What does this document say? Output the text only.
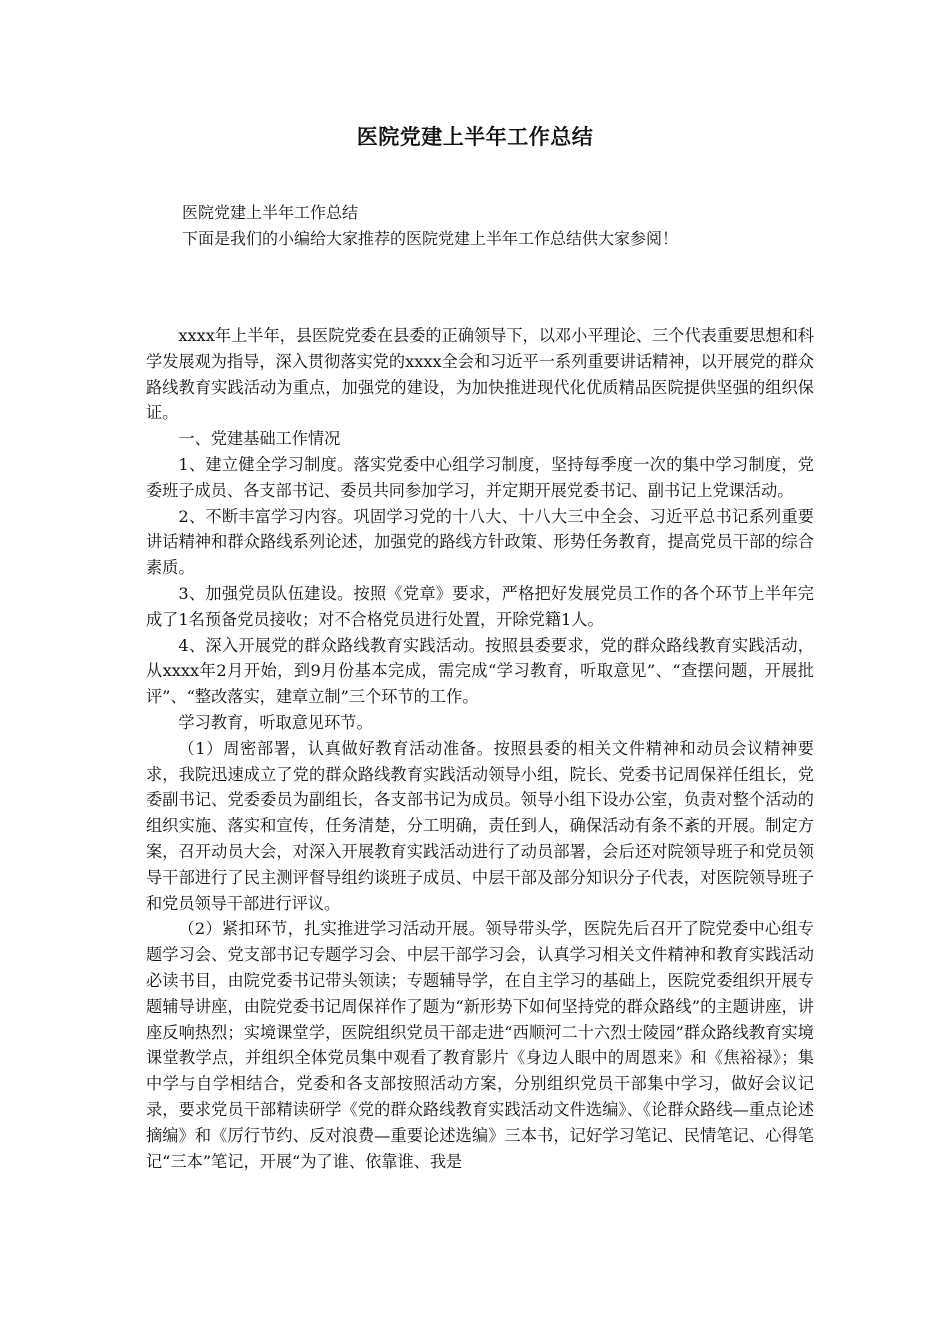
医院党建上半年工作总结

医院党建上半年工作总结

下面是我们的小编给大家推荐的医院党建上半年工作总结供大家参阅！

xxxx年上半年，县医院党委在县委的正确领导下，以邓小平理论、三个代表重要思想和科学发展观为指导，深入贯彻落实党的xxxx全会和习近平一系列重要讲话精神，以开展党的群众路线教育实践活动为重点，加强党的建设，为加快推进现代化优质精品医院提供坚强的组织保证。

一、党建基础工作情况

1、建立健全学习制度。落实党委中心组学习制度，坚持每季度一次的集中学习制度，党委班子成员、各支部书记、委员共同参加学习，并定期开展党委书记、副书记上党课活动。

2、不断丰富学习内容。巩固学习党的十八大、十八大三中全会、习近平总书记系列重要讲话精神和群众路线系列论述，加强党的路线方针政策、形势任务教育，提高党员干部的综合素质。

3、加强党员队伍建设。按照《党章》要求，严格把好发展党员工作的各个环节上半年完成了1名预备党员接收；对不合格党员进行处置，开除党籍1人。

4、深入开展党的群众路线教育实践活动。按照县委要求，党的群众路线教育实践活动，从xxxx年2月开始，到9月份基本完成，需完成“学习教育，听取意见”、“查摆问题，开展批评”、“整改落实，建章立制”三个环节的工作。

学习教育，听取意见环节。

（1）周密部署，认真做好教育活动准备。按照县委的相关文件精神和动员会议精神要求，我院迅速成立了党的群众路线教育实践活动领导小组，院长、党委书记周保祥任组长，党委副书记、党委委员为副组长，各支部书记为成员。领导小组下设办公室，负责对整个活动的组织实施、落实和宣传，任务清楚，分工明确，责任到人，确保活动有条不紊的开展。制定方案，召开动员大会，对深入开展教育实践活动进行了动员部署，会后还对院领导班子和党员领导干部进行了民主测评督导组约谈班子成员、中层干部及部分知识分子代表，对医院领导班子和党员领导干部进行评议。

（2）紧扣环节，扎实推进学习活动开展。领导带头学，医院先后召开了院党委中心组专题学习会、党支部书记专题学习会、中层干部学习会，认真学习相关文件精神和教育实践活动必读书目，由院党委书记带头领读；专题辅导学，在自主学习的基础上，医院党委组织开展专题辅导讲座，由院党委书记周保祥作了题为“新形势下如何坚持党的群众路线”的主题讲座，讲座反响热烈；实境课堂学，医院组织党员干部走进“西顺河二十六烈士陵园”群众路线教育实境课堂教学点，并组织全体党员集中观看了教育影片《身边人眼中的周恩来》和《焦裕禄》；集中学与自学相结合，党委和各支部按照活动方案，分别组织党员干部集中学习，做好会议记录，要求党员干部精读研学《党的群众路线教育实践活动文件选编》、《论群众路线—重点论述摘编》和《厉行节约、反对浪费—重要论述选编》三本书，记好学习笔记、民情笔记、心得笔记“三本”笔记，开展“为了谁、依靠谁、我是
